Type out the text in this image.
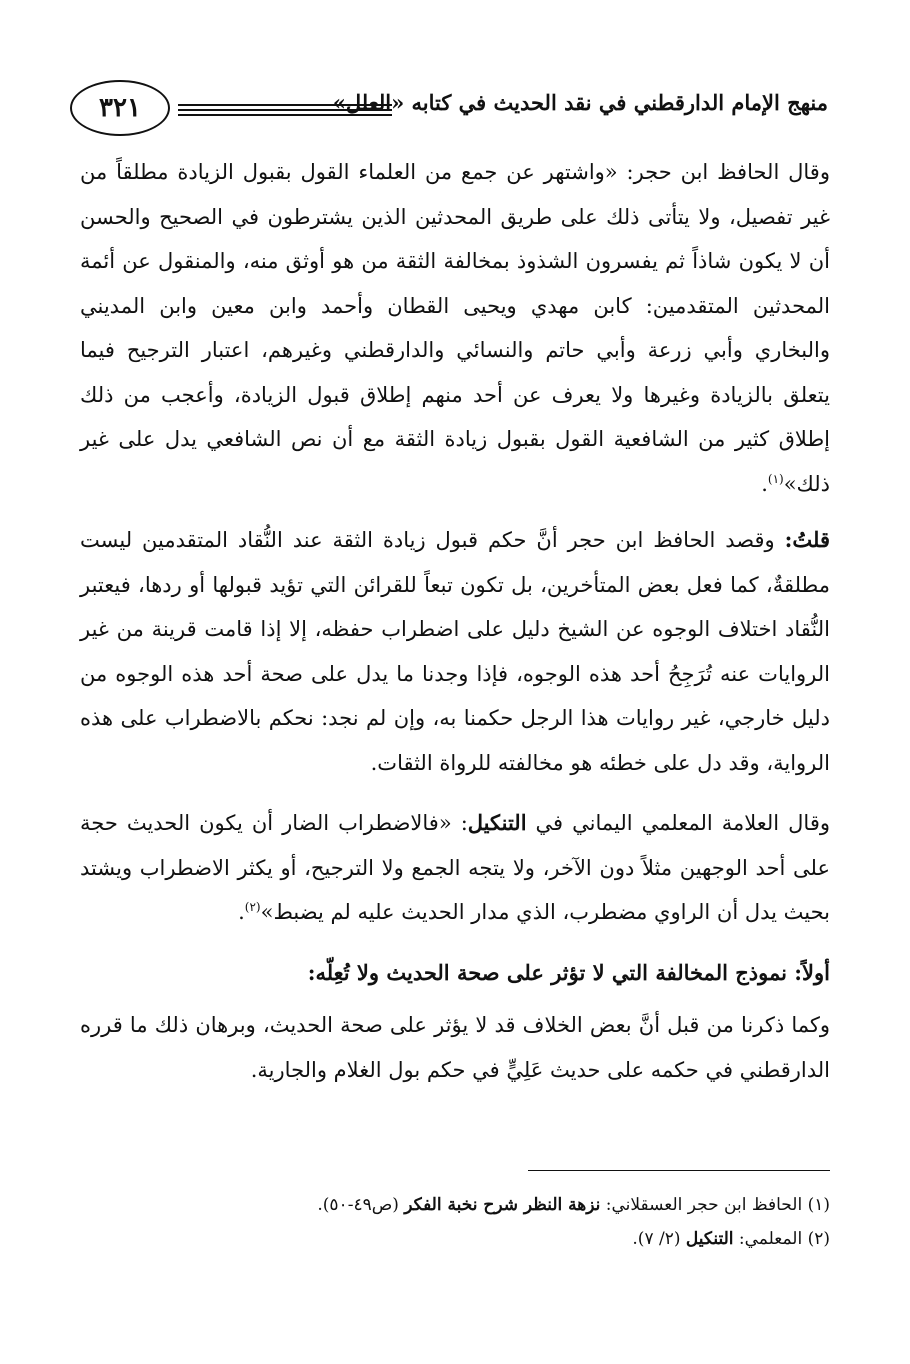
منهج الإمام الدارقطني في نقد الحديث في كتابه «العلل»
٣٢١

وقال الحافظ ابن حجر: «واشتهر عن جمع من العلماء القول بقبول الزيادة مطلقاً من غير تفصيل، ولا يتأتى ذلك على طريق المحدثين الذين يشترطون في الصحيح والحسن أن لا يكون شاذاً ثم يفسرون الشذوذ بمخالفة الثقة من هو أوثق منه، والمنقول عن أئمة المحدثين المتقدمين: كابن مهدي ويحيى القطان وأحمد وابن معين وابن المديني والبخاري وأبي زرعة وأبي حاتم والنسائي والدارقطني وغيرهم، اعتبار الترجيح فيما يتعلق بالزيادة وغيرها ولا يعرف عن أحد منهم إطلاق قبول الزيادة، وأعجب من ذلك إطلاق كثير من الشافعية القول بقبول زيادة الثقة مع أن نص الشافعي يدل على غير ذلك»$^{(١)}$.

قلتُ: وقصد الحافظ ابن حجر أنَّ حكم قبول زيادة الثقة عند النُّقاد المتقدمين ليست مطلقةٌ، كما فعل بعض المتأخرين، بل تكون تبعاً للقرائن التي تؤيد قبولها أو ردها، فيعتبر النُّقاد اختلاف الوجوه عن الشيخ دليل على اضطراب حفظه، إلا إذا قامت قرينة من غير الروايات عنه تُرَجِحُ أحد هذه الوجوه، فإذا وجدنا ما يدل على صحة أحد هذه الوجوه من دليل خارجي، غير روايات هذا الرجل حكمنا به، وإن لم نجد: نحكم بالاضطراب على هذه الرواية، وقد دل على خطئه هو مخالفته للرواة الثقات.

وقال العلامة المعلمي اليماني في التنكيل: «فالاضطراب الضار أن يكون الحديث حجة على أحد الوجهين مثلاً دون الآخر، ولا يتجه الجمع ولا الترجيح، أو يكثر الاضطراب ويشتد بحيث يدل أن الراوي مضطرب، الذي مدار الحديث عليه لم يضبط»$^{(٢)}$.

أولاً: نموذج المخالفة التي لا تؤثر على صحة الحديث ولا تُعِلّه:

وكما ذكرنا من قبل أنَّ بعض الخلاف قد لا يؤثر على صحة الحديث، وبرهان ذلك ما قرره الدارقطني في حكمه على حديث عَلِيٍّ في حكم بول الغلام والجارية.

(١) الحافظ ابن حجر العسقلاني: نزهة النظر شرح نخبة الفكر (ص٤٩-٥٠).
(٢) المعلمي: التنكيل (٢/ ٧).
